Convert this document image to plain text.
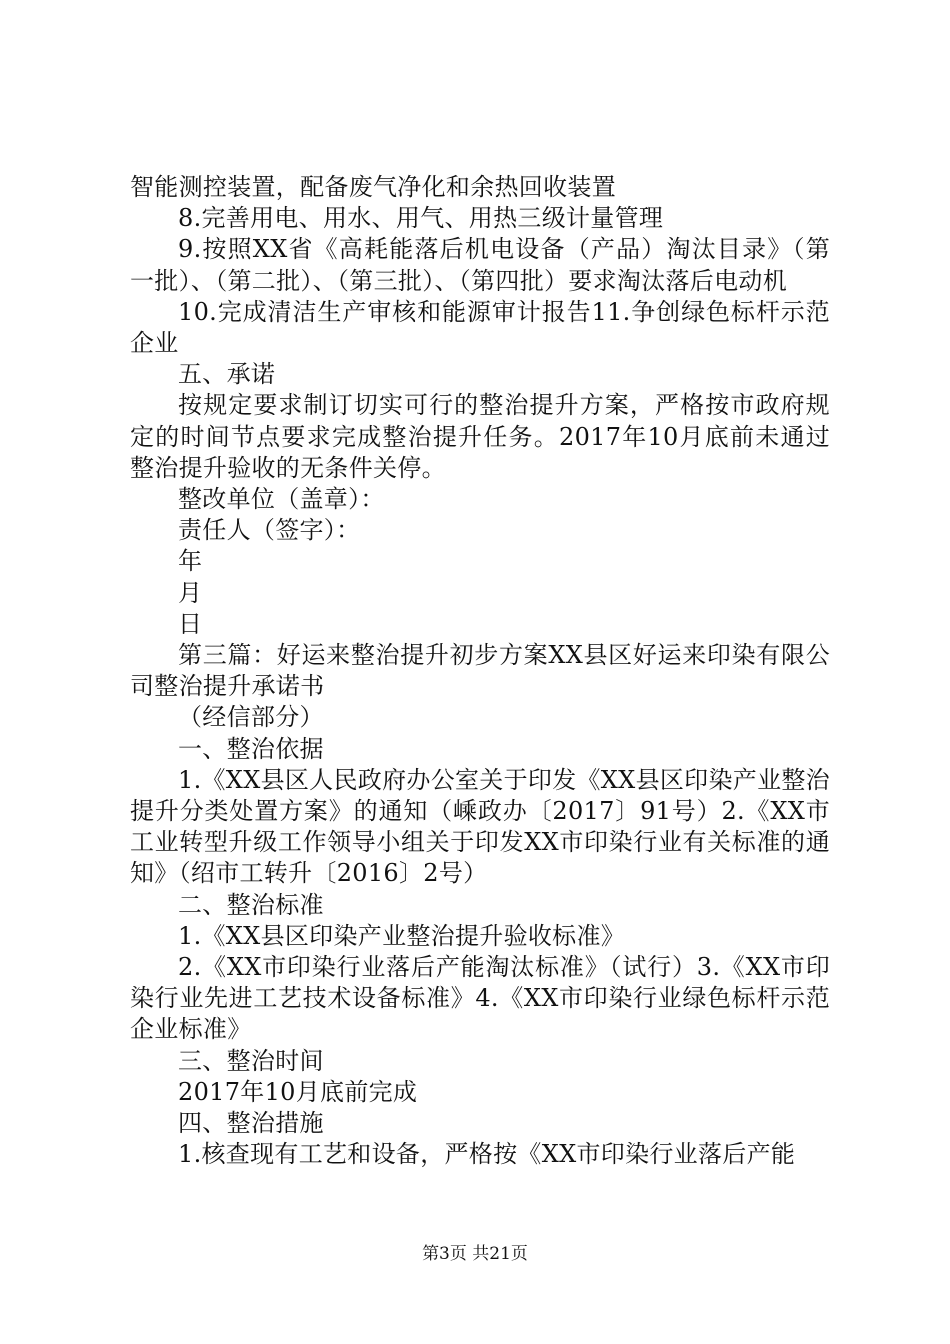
智能测控装置，配备废气净化和余热回收装置

8.完善用电、用水、用气、用热三级计量管理

9.按照XX省《高耗能落后机电设备（产品）淘汰目录》（第一批）、（第二批）、（第三批）、（第四批）要求淘汰落后电动机

10.完成清洁生产审核和能源审计报告11.争创绿色标杆示范企业

五、承诺

按规定要求制订切实可行的整治提升方案，严格按市政府规定的时间节点要求完成整治提升任务。2017年10月底前未通过整治提升验收的无条件关停。

整改单位（盖章）：

责任人（签字）：

年

月

日

第三篇：好运来整治提升初步方案XX县区好运来印染有限公司整治提升承诺书

（经信部分）

一、整治依据

1.《XX县区人民政府办公室关于印发《XX县区印染产业整治提升分类处置方案》的通知（嵊政办〔2017〕91号）2.《XX市工业转型升级工作领导小组关于印发XX市印染行业有关标准的通知》（绍市工转升〔2016〕2号）

二、整治标准

1.《XX县区印染产业整治提升验收标准》

2.《XX市印染行业落后产能淘汰标准》（试行）3.《XX市印染行业先进工艺技术设备标准》4.《XX市印染行业绿色标杆示范企业标准》

三、整治时间

2017年10月底前完成

四、整治措施

1.核查现有工艺和设备，严格按《XX市印染行业落后产能

第3页 共21页
